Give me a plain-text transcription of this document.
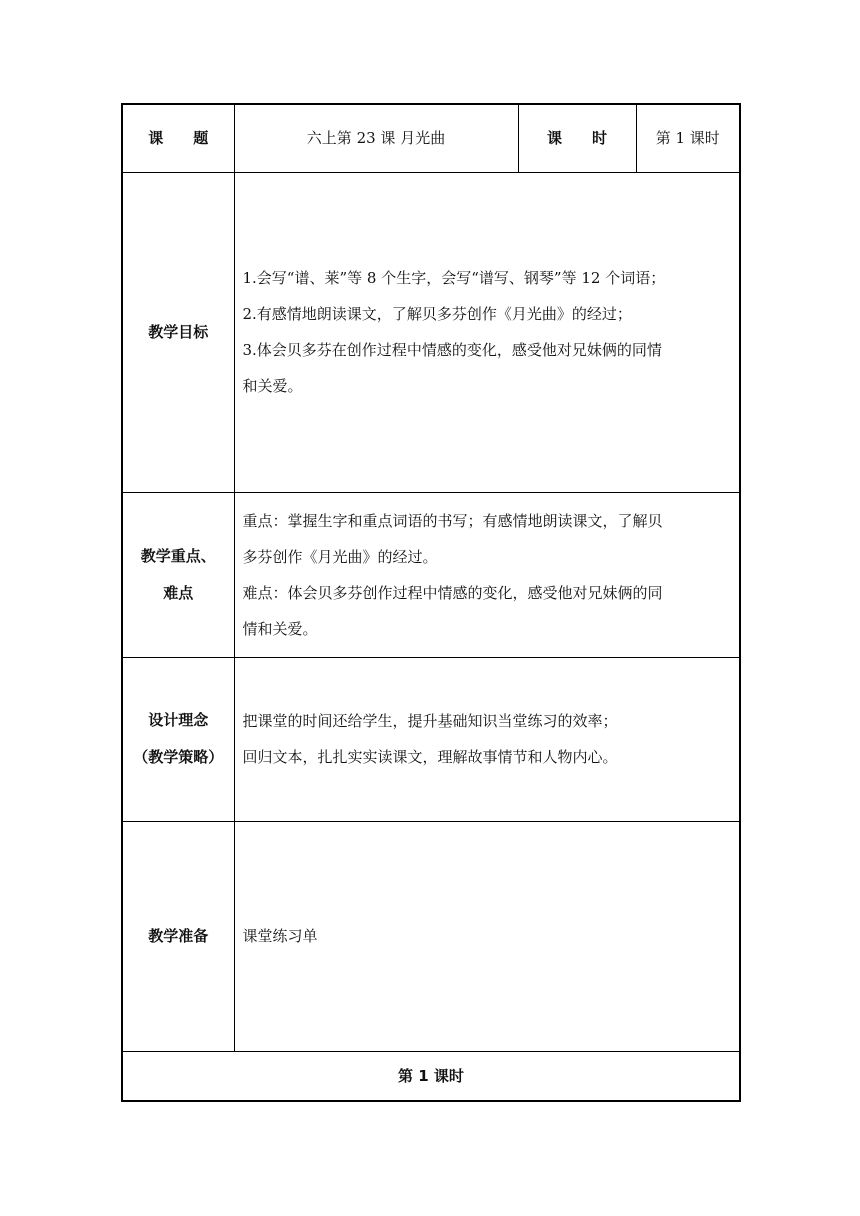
课　　题	六上第 23 课 月光曲	课　　时	第 1 课时
教学目标	1.会写“谱、莱”等 8 个生字，会写“谱写、钢琴”等 12 个词语；
2.有感情地朗读课文，了解贝多芬创作《月光曲》的经过；
3.体会贝多芬在创作过程中情感的变化，感受他对兄妹俩的同情
和关爱。		

教学重点、
难点	重点：掌握生字和重点词语的书写；有感情地朗读课文，了解贝
多芬创作《月光曲》的经过。
难点：体会贝多芬创作过程中情感的变化，感受他对兄妹俩的同
情和关爱。		

设计理念
（教学策略）	把课堂的时间还给学生，提升基础知识当堂练习的效率；
回归文本，扎扎实实读课文，理解故事情节和人物内心。		

教学准备	课堂练习单		
第 1 课时			
